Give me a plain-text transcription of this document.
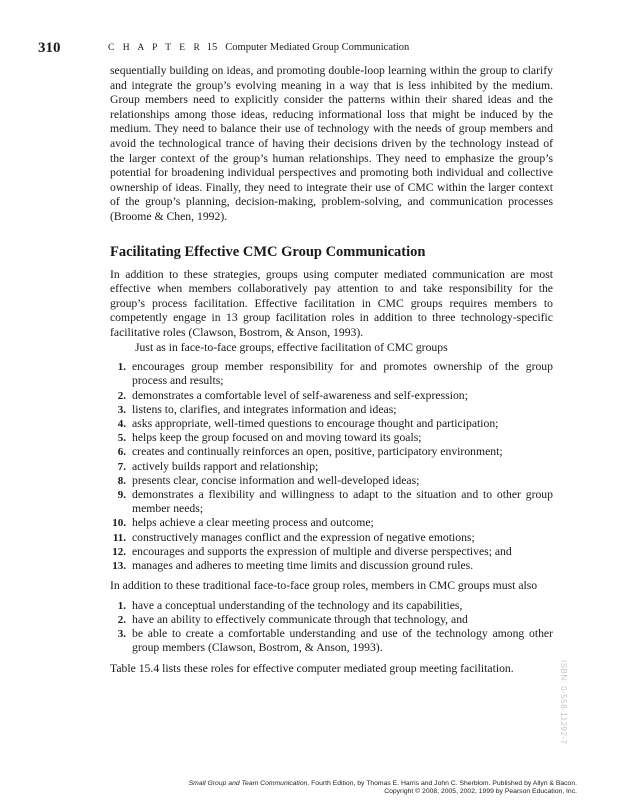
310	C H A P T E R 15 Computer Mediated Group Communication

sequentially building on ideas, and promoting double-loop learning within the group to clarify and integrate the group’s evolving meaning in a way that is less inhibited by the medium. Group members need to explicitly consider the patterns within their shared ideas and the relationships among those ideas, reducing informational loss that might be induced by the medium. They need to balance their use of technology with the needs of group members and avoid the technological trance of having their decisions driven by the technology instead of the larger context of the group’s human relationships. They need to emphasize the group’s potential for broadening individual perspectives and promoting both individual and collective ownership of ideas. Finally, they need to integrate their use of CMC within the larger context of the group’s planning, decision-making, problem-solving, and communication processes (Broome & Chen, 1992).

Facilitating Effective CMC Group Communication

In addition to these strategies, groups using computer mediated communication are most effective when members collaboratively pay attention to and take responsibility for the group’s process facilitation. Effective facilitation in CMC groups requires members to competently engage in 13 group facilitation roles in addition to three technology-specific facilitative roles (Clawson, Bostrom, & Anson, 1993).

Just as in face-to-face groups, effective facilitation of CMC groups

1. encourages group member responsibility for and promotes ownership of the group process and results;
2. demonstrates a comfortable level of self-awareness and self-expression;
3. listens to, clarifies, and integrates information and ideas;
4. asks appropriate, well-timed questions to encourage thought and participation;
5. helps keep the group focused on and moving toward its goals;
6. creates and continually reinforces an open, positive, participatory environment;
7. actively builds rapport and relationship;
8. presents clear, concise information and well-developed ideas;
9. demonstrates a flexibility and willingness to adapt to the situation and to other group member needs;
10. helps achieve a clear meeting process and outcome;
11. constructively manages conflict and the expression of negative emotions;
12. encourages and supports the expression of multiple and diverse perspectives; and
13. manages and adheres to meeting time limits and discussion ground rules.

In addition to these traditional face-to-face group roles, members in CMC groups must also

1. have a conceptual understanding of the technology and its capabilities,
2. have an ability to effectively communicate through that technology, and
3. be able to create a comfortable understanding and use of the technology among other group members (Clawson, Bostrom, & Anson, 1993).

Table 15.4 lists these roles for effective computer mediated group meeting facilitation.	ISBN: 0-558-11292-7
Small Group and Team Communication, Fourth Edition, by Thomas E. Harris and John C. Sherblom. Published by Allyn & Bacon.
Copyright © 2008, 2005, 2002, 1999 by Pearson Education, Inc.
